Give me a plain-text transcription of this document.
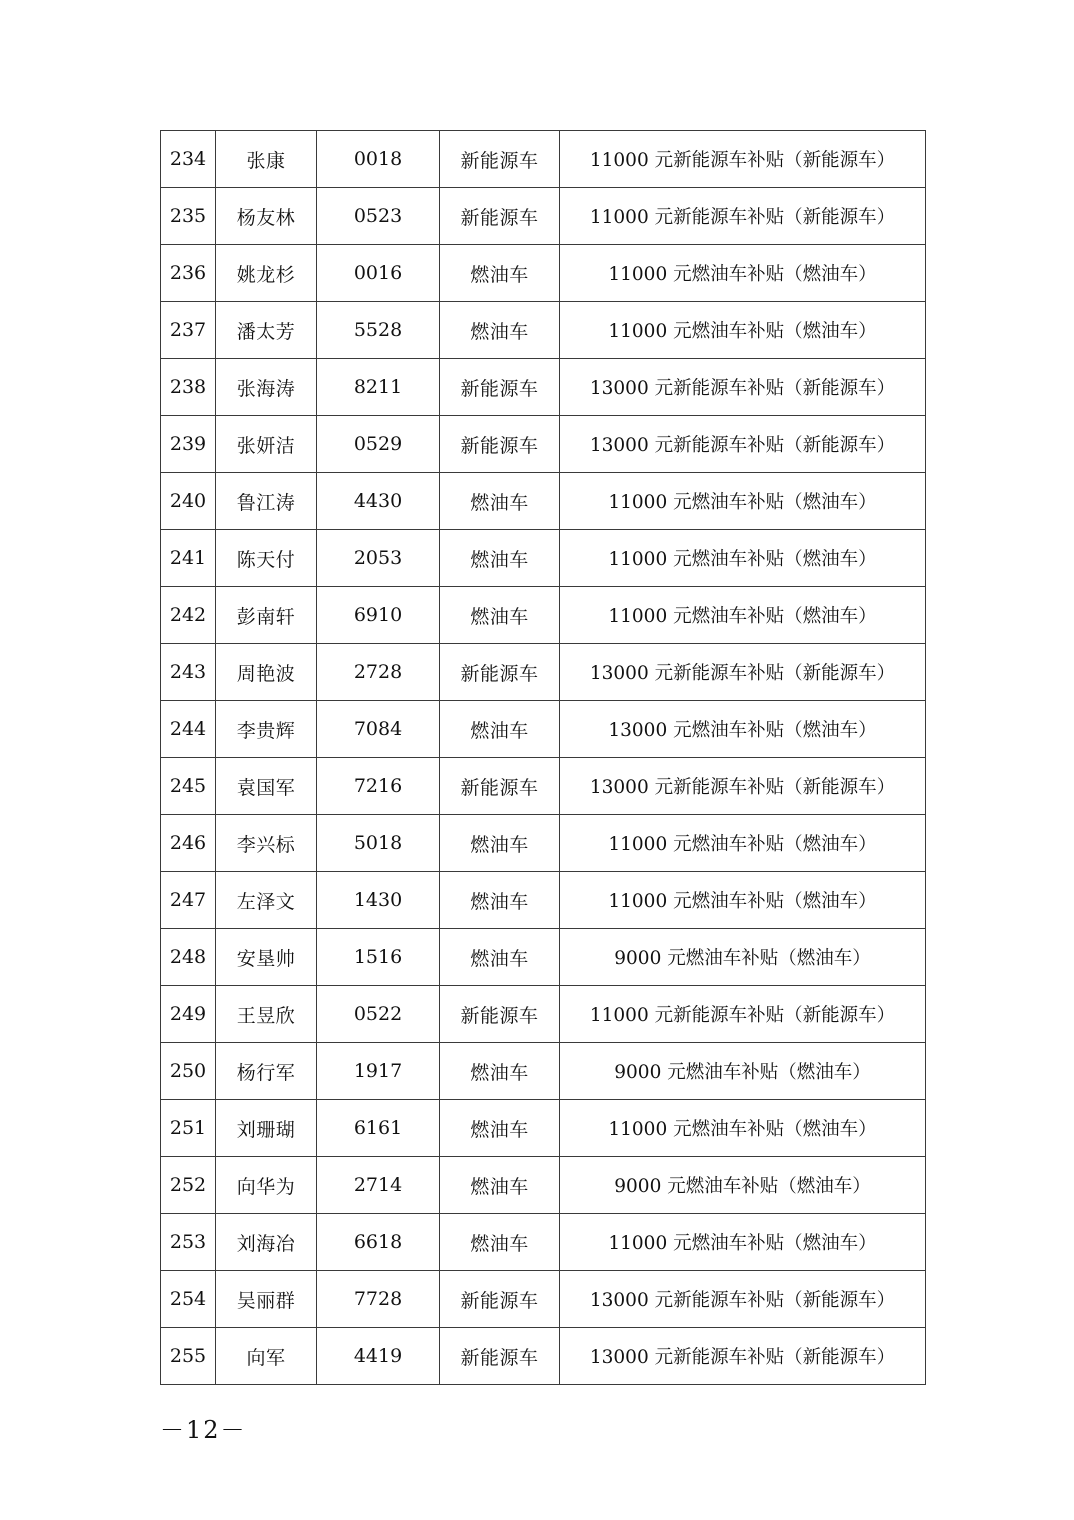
234	张康	0018	新能源车	11000 元新能源车补贴（新能源车）
235	杨友林	0523	新能源车	11000 元新能源车补贴（新能源车）
236	姚龙杉	0016	燃油车	11000 元燃油车补贴（燃油车）
237	潘太芳	5528	燃油车	11000 元燃油车补贴（燃油车）
238	张海涛	8211	新能源车	13000 元新能源车补贴（新能源车）
239	张妍洁	0529	新能源车	13000 元新能源车补贴（新能源车）
240	鲁江涛	4430	燃油车	11000 元燃油车补贴（燃油车）
241	陈天付	2053	燃油车	11000 元燃油车补贴（燃油车）
242	彭南轩	6910	燃油车	11000 元燃油车补贴（燃油车）
243	周艳波	2728	新能源车	13000 元新能源车补贴（新能源车）
244	李贵辉	7084	燃油车	13000 元燃油车补贴（燃油车）
245	袁国军	7216	新能源车	13000 元新能源车补贴（新能源车）
246	李兴标	5018	燃油车	11000 元燃油车补贴（燃油车）
247	左泽文	1430	燃油车	11000 元燃油车补贴（燃油车）
248	安垦帅	1516	燃油车	9000 元燃油车补贴（燃油车）
249	王昱欣	0522	新能源车	11000 元新能源车补贴（新能源车）
250	杨行军	1917	燃油车	9000 元燃油车补贴（燃油车）
251	刘珊瑚	6161	燃油车	11000 元燃油车补贴（燃油车）
252	向华为	2714	燃油车	9000 元燃油车补贴（燃油车）
253	刘海冶	6618	燃油车	11000 元燃油车补贴（燃油车）
254	吴丽群	7728	新能源车	13000 元新能源车补贴（新能源车）
255	向军	4419	新能源车	13000 元新能源车补贴（新能源车）
－12－
